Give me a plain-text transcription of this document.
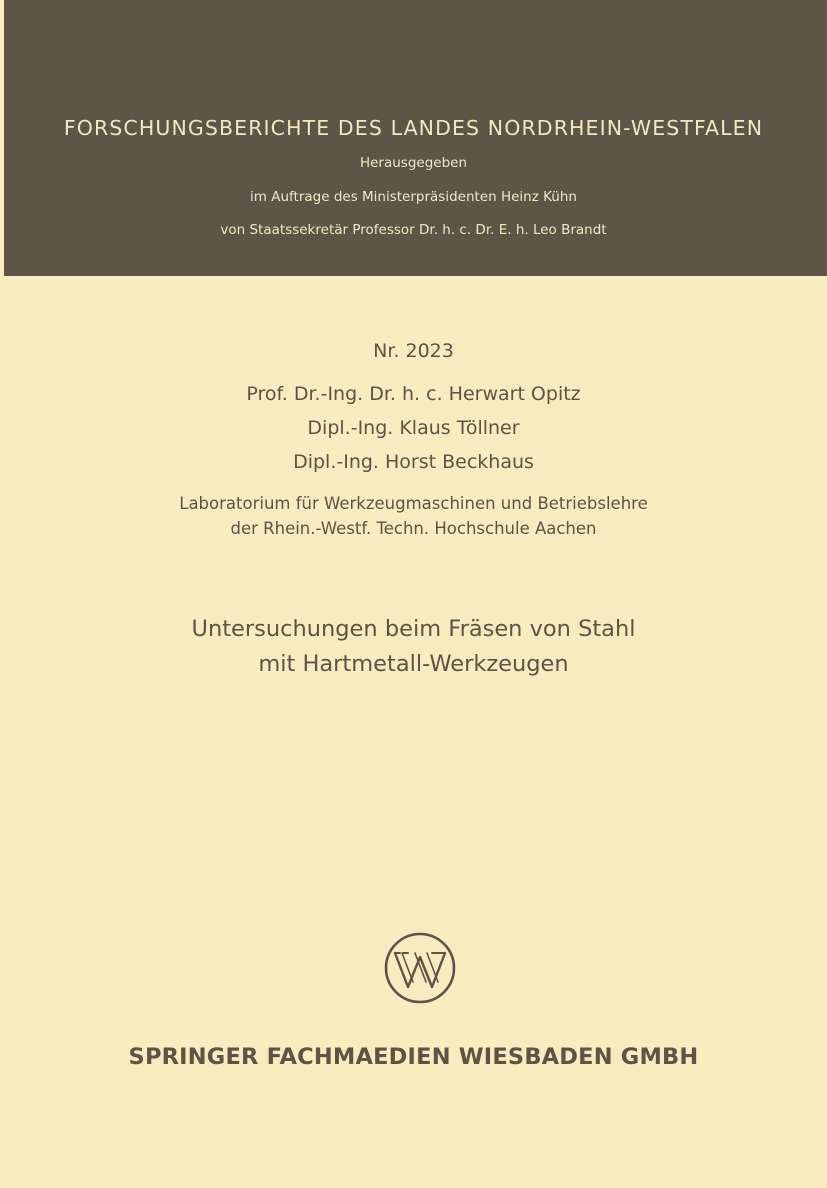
FORSCHUNGSBERICHTE DES LANDES NORDRHEIN-WESTFALEN
Herausgegeben
im Auftrage des Ministerpräsidenten Heinz Kühn
von Staatssekretär Professor Dr. h. c. Dr. E. h. Leo Brandt
Nr. 2023
Prof. Dr.-Ing. Dr. h. c. Herwart Opitz
Dipl.-Ing. Klaus Töllner
Dipl.-Ing. Horst Beckhaus
Laboratorium für Werkzeugmaschinen und Betriebslehre
der Rhein.-Westf. Techn. Hochschule Aachen
Untersuchungen beim Fräsen von Stahl
mit Hartmetall-Werkzeugen
SPRINGER FACHMAEDIEN WIESBADEN GMBH
